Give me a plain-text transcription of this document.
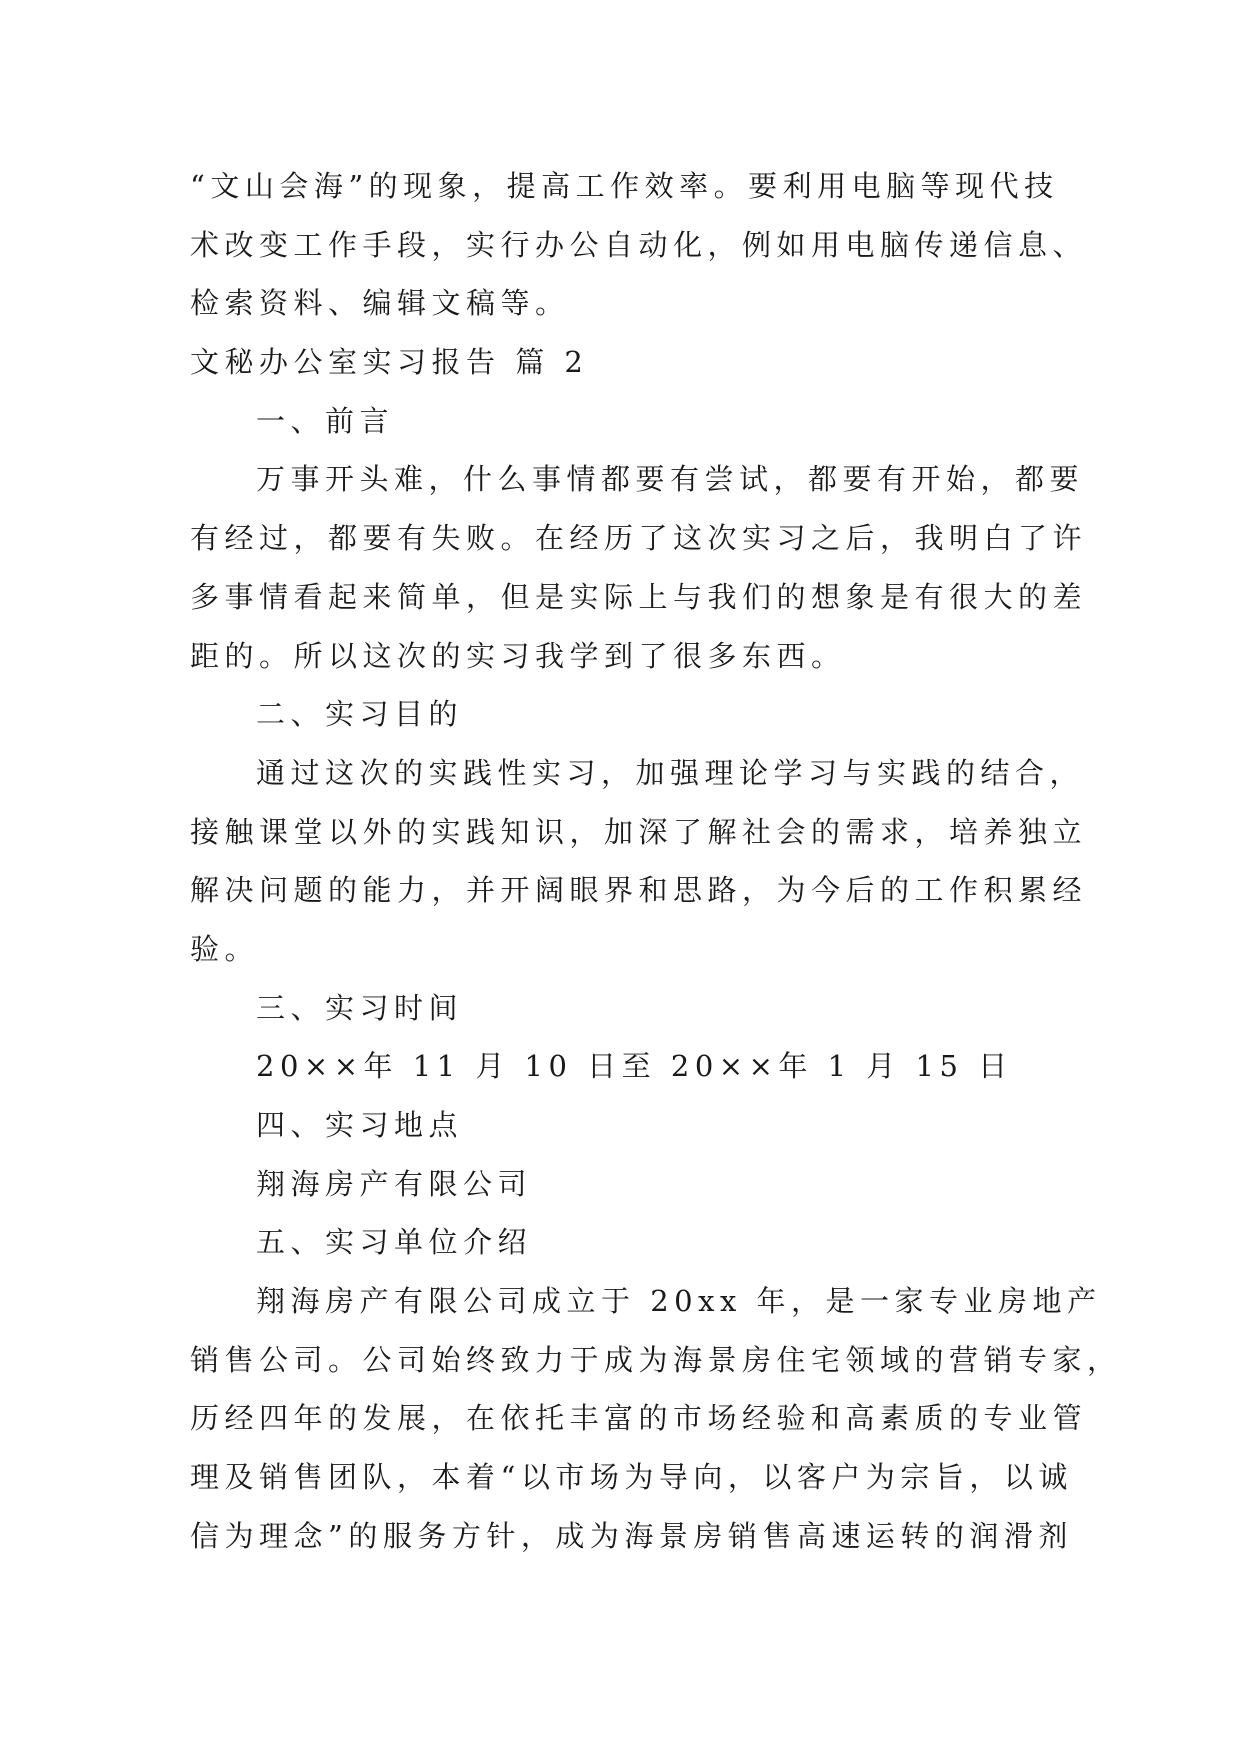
“文山会海”的现象，提高工作效率。要利用电脑等现代技
术改变工作手段，实行办公自动化，例如用电脑传递信息、
检索资料、编辑文稿等。
文秘办公室实习报告 篇 2
一、前言
万事开头难，什么事情都要有尝试，都要有开始，都要
有经过，都要有失败。在经历了这次实习之后，我明白了许
多事情看起来简单，但是实际上与我们的想象是有很大的差
距的。所以这次的实习我学到了很多东西。
二、实习目的
通过这次的实践性实习，加强理论学习与实践的结合，
接触课堂以外的实践知识，加深了解社会的需求，培养独立
解决问题的能力，并开阔眼界和思路，为今后的工作积累经
验。
三、实习时间
20××年 11 月 10 日至 20××年 1 月 15 日
四、实习地点
翔海房产有限公司
五、实习单位介绍
翔海房产有限公司成立于 20xx 年，是一家专业房地产
销售公司。公司始终致力于成为海景房住宅领域的营销专家，
历经四年的发展，在依托丰富的市场经验和高素质的专业管
理及销售团队，本着“以市场为导向，以客户为宗旨，以诚
信为理念”的服务方针，成为海景房销售高速运转的润滑剂
